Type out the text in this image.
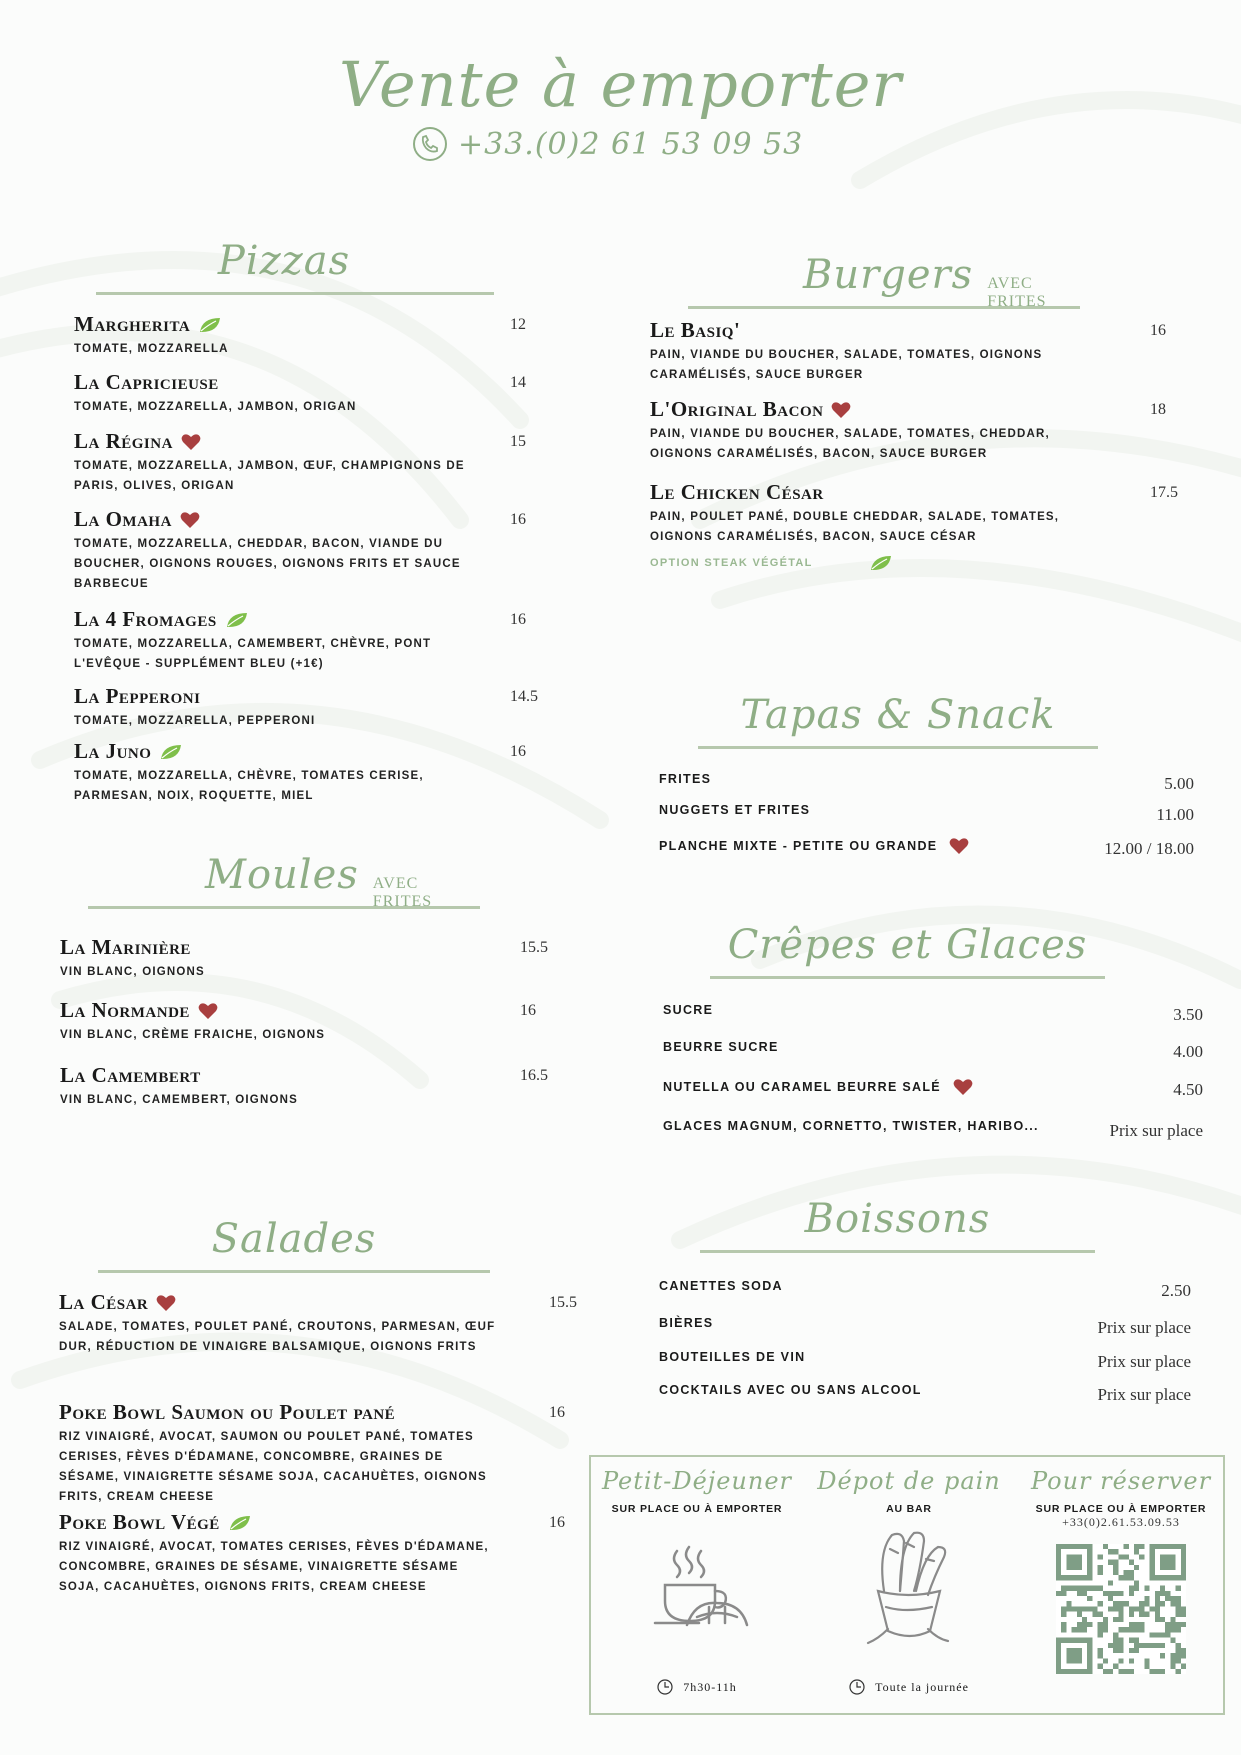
Vente à emporter
+33.(0)2 61 53 09 53
Pizzas
Margherita
TOMATE, MOZZARELLA
12
La Capricieuse
TOMATE, MOZZARELLA, JAMBON, ORIGAN
14
La Régina
TOMATE, MOZZARELLA, JAMBON, ŒUF, CHAMPIGNONS DE PARIS, OLIVES, ORIGAN
15
La Omaha
TOMATE, MOZZARELLA, CHEDDAR, BACON, VIANDE DU BOUCHER, OIGNONS ROUGES, OIGNONS FRITS ET SAUCE BARBECUE
16
La 4 Fromages
TOMATE, MOZZARELLA, CAMEMBERT, CHÈVRE, PONT L'EVÊQUE - SUPPLÉMENT BLEU (+1€)
16
La Pepperoni
TOMATE, MOZZARELLA, PEPPERONI
14.5
La Juno
TOMATE, MOZZARELLA, CHÈVRE, TOMATES CERISE, PARMESAN, NOIX, ROQUETTE, MIEL
16
Moules AVEC FRITES
La Marinière
VIN BLANC, OIGNONS
15.5
La Normande
VIN BLANC, CRÈME FRAICHE, OIGNONS
16
La Camembert
VIN BLANC, CAMEMBERT, OIGNONS
16.5
Salades
La César
SALADE, TOMATES, POULET PANÉ, CROUTONS, PARMESAN, ŒUF DUR, RÉDUCTION DE VINAIGRE BALSAMIQUE, OIGNONS FRITS
15.5
Poke Bowl Saumon ou Poulet pané
RIZ VINAIGRÉ, AVOCAT, SAUMON OU POULET PANÉ, TOMATES CERISES, FÈVES D'ÉDAMANE, CONCOMBRE, GRAINES DE SÉSAME, VINAIGRETTE SÉSAME SOJA, CACAHUÈTES, OIGNONS FRITS, CREAM CHEESE
16
Poke Bowl Végé
RIZ VINAIGRÉ, AVOCAT, TOMATES CERISES, FÈVES D'ÉDAMANE, CONCOMBRE, GRAINES DE SÉSAME, VINAIGRETTE SÉSAME SOJA, CACAHUÈTES, OIGNONS FRITS, CREAM CHEESE
16
Burgers AVEC FRITES
Le Basiq'
PAIN, VIANDE DU BOUCHER, SALADE, TOMATES, OIGNONS CARAMÉLISÉS, SAUCE BURGER
16
L'Original Bacon
PAIN, VIANDE DU BOUCHER, SALADE, TOMATES, CHEDDAR, OIGNONS CARAMÉLISÉS, BACON, SAUCE BURGER
18
Le Chicken César
PAIN, POULET PANÉ, DOUBLE CHEDDAR, SALADE, TOMATES, OIGNONS CARAMÉLISÉS, BACON, SAUCE CÉSAR
17.5
OPTION STEAK VÉGÉTAL
Tapas & Snack
FRITES	5.00
NUGGETS ET FRITES	11.00
PLANCHE MIXTE - PETITE OU GRANDE	12.00 / 18.00
Crêpes et Glaces
SUCRE	3.50
BEURRE SUCRE	4.00
NUTELLA OU CARAMEL BEURRE SALÉ	4.50
GLACES MAGNUM, CORNETTO, TWISTER, HARIBO...	Prix sur place
Boissons
CANETTES SODA	2.50
BIÈRES	Prix sur place
BOUTEILLES DE VIN	Prix sur place
COCKTAILS AVEC OU SANS ALCOOL	Prix sur place
Petit-Déjeuner
SUR PLACE OU À EMPORTER
7h30-11h
Dépot de pain
AU BAR
Toute la journée
Pour réserver
SUR PLACE OU À EMPORTER
+33(0)2.61.53.09.53
